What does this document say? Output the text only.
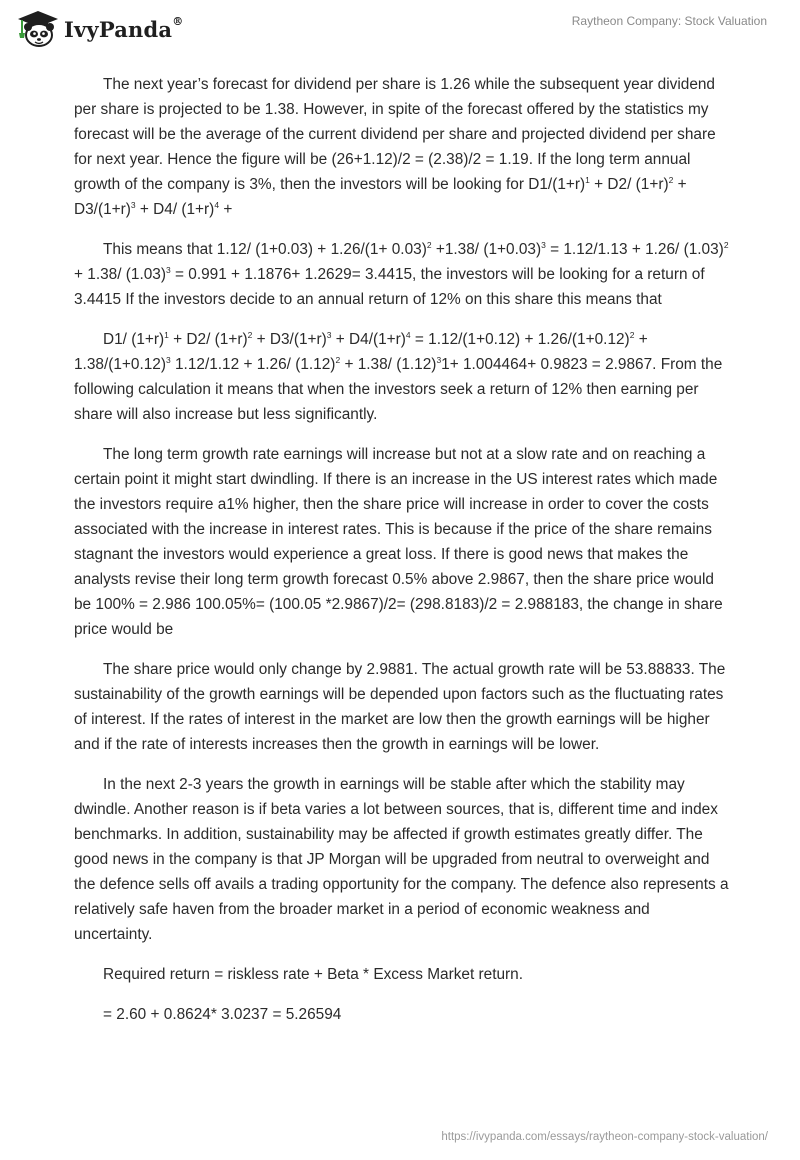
IvyPanda®	Raytheon Company: Stock Valuation

The next year’s forecast for dividend per share is 1.26 while the subsequent year dividend per share is projected to be 1.38. However, in spite of the forecast offered by the statistics my forecast will be the average of the current dividend per share and projected dividend per share for next year. Hence the figure will be (26+1.12)/2 = (2.38)/2 = 1.19. If the long term annual growth of the company is 3%, then the investors will be looking for $D1/(1+r)^1 + D2/$ $(1+r)^2 + D3/(1+r)^3 + D4/$ $(1+r)^4$ +

This means that 1.12/ $(1+0.03) + 1.26/(1+ 0.03)^2 +1.38/$ $(1+0.03)^3 = 1.12/1.13 + 1.26/$ $(1.03)^2 + 1.38/$ $(1.03)^3 = 0.991 + 1.1876+ 1.2629= 3.4415$, the investors will be looking for a return of 3.4415 If the investors decide to an annual return of 12% on this share this means that

D1/ $(1+r)^1 + D2/$ $(1+r)^2 + D3/(1+r)^3 + D4/(1+r)^4 = 1.12/(1+0.12) + 1.26/(1+0.12)^2 + 1.38/(1+0.12)^3$ 1.12/1.12 + 1.26/ $(1.12)^2 + 1.38/$ $(1.12)^31+ 1.004464+ 0.9823 = 2.9867$. From the following calculation it means that when the investors seek a return of 12% then earning per share will also increase but less significantly.

The long term growth rate earnings will increase but not at a slow rate and on reaching a certain point it might start dwindling. If there is an increase in the US interest rates which made the investors require a1% higher, then the share price will increase in order to cover the costs associated with the increase in interest rates. This is because if the price of the share remains stagnant the investors would experience a great loss. If there is good news that makes the analysts revise their long term growth forecast 0.5% above 2.9867, then the share price would be 100% = 2.986 100.05%= (100.05 *2.9867)/2= (298.8183)/2 = 2.988183, the change in share price would be

The share price would only change by 2.9881. The actual growth rate will be 53.88833. The sustainability of the growth earnings will be depended upon factors such as the fluctuating rates of interest. If the rates of interest in the market are low then the growth earnings will be higher and if the rate of interests increases then the growth in earnings will be lower.

In the next 2-3 years the growth in earnings will be stable after which the stability may dwindle. Another reason is if beta varies a lot between sources, that is, different time and index benchmarks. In addition, sustainability may be affected if growth estimates greatly differ. The good news in the company is that JP Morgan will be upgraded from neutral to overweight and the defence sells off avails a trading opportunity for the company. The defence also represents a relatively safe haven from the broader market in a period of economic weakness and uncertainty.

Required return = riskless rate + Beta * Excess Market return.

= 2.60 + 0.8624* 3.0237 = 5.26594

https://ivypanda.com/essays/raytheon-company-stock-valuation/
